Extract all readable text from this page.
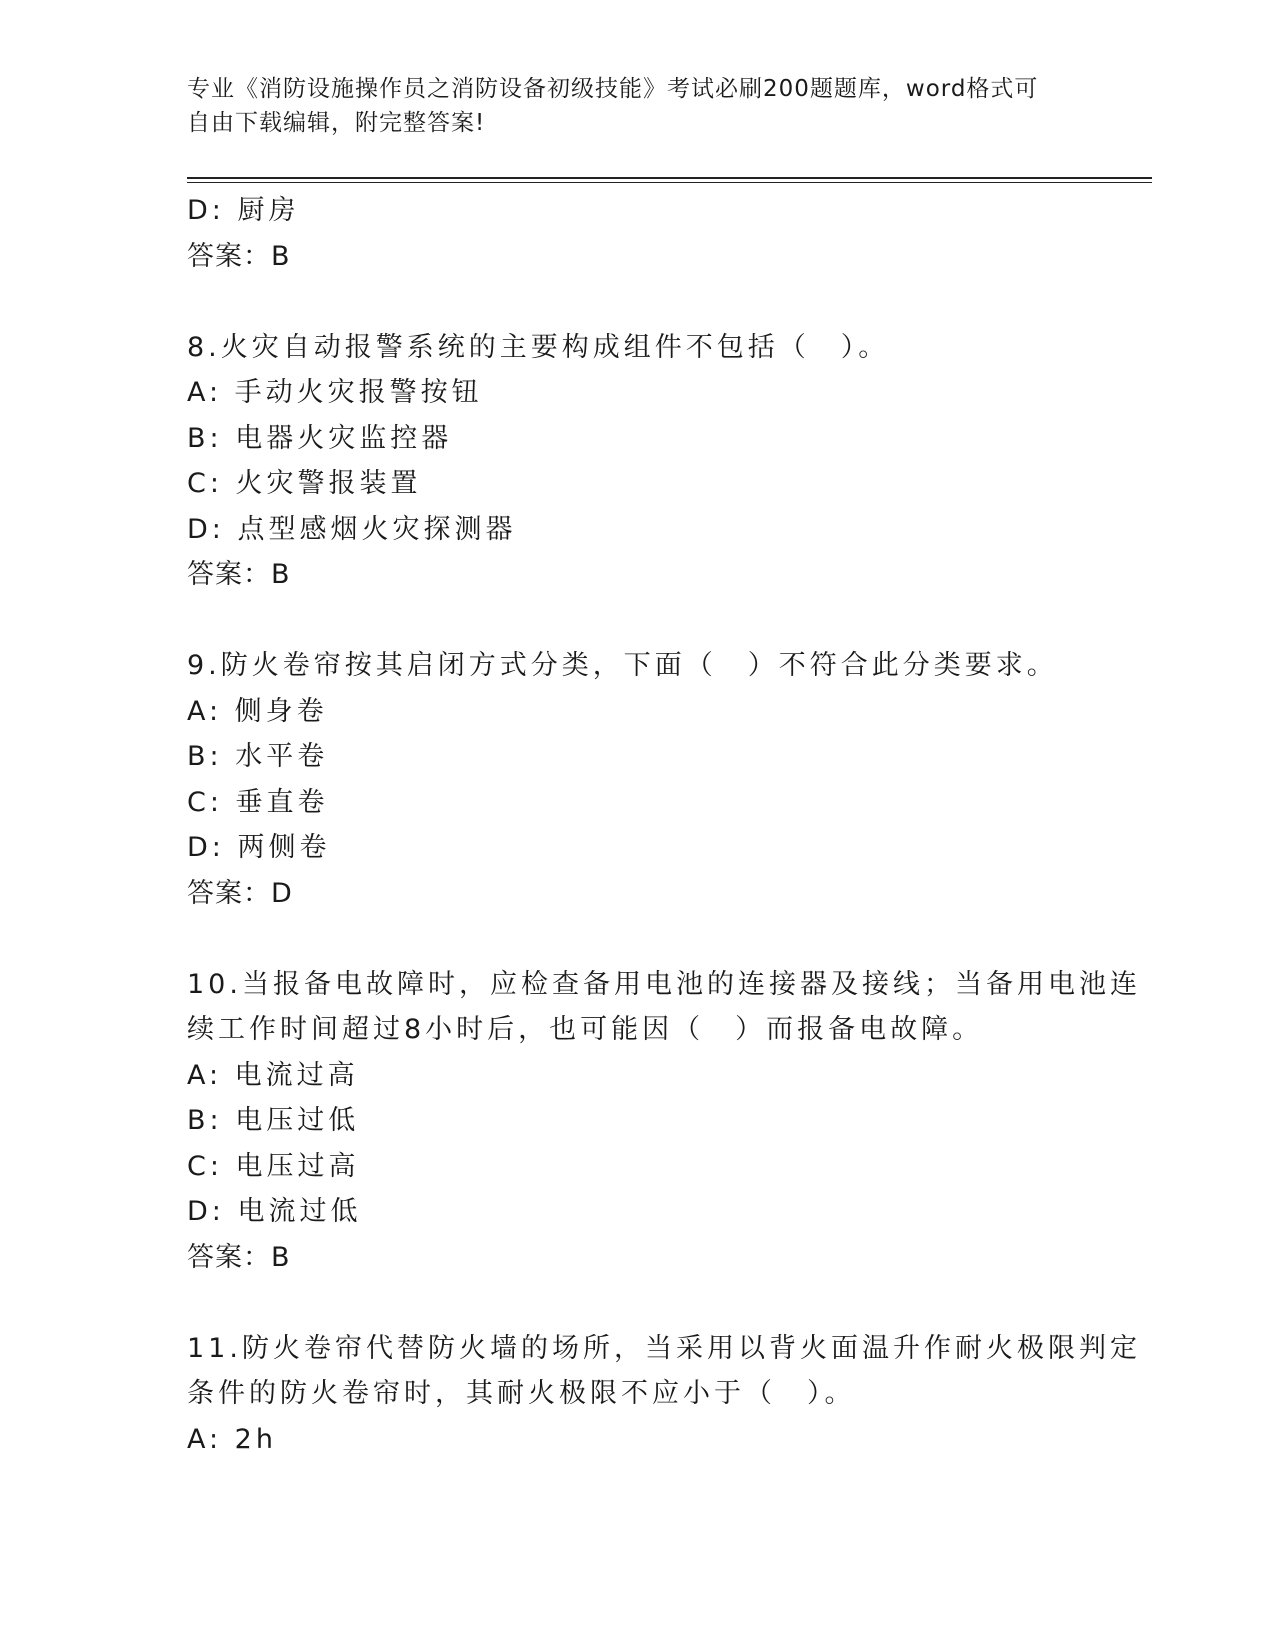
专业《消防设施操作员之消防设备初级技能》考试必刷200题题库，word格式可
自由下载编辑，附完整答案!
D: 厨房
答案：B
8.火灾自动报警系统的主要构成组件不包括（　）。
A: 手动火灾报警按钮
B: 电器火灾监控器
C: 火灾警报装置
D: 点型感烟火灾探测器
答案：B
9.防火卷帘按其启闭方式分类，下面（　）不符合此分类要求。
A: 侧身卷
B: 水平卷
C: 垂直卷
D: 两侧卷
答案：D
10.当报备电故障时，应检查备用电池的连接器及接线；当备用电池连
续工作时间超过8小时后，也可能因（　）而报备电故障。
A: 电流过高
B: 电压过低
C: 电压过高
D: 电流过低
答案：B
11.防火卷帘代替防火墙的场所，当采用以背火面温升作耐火极限判定
条件的防火卷帘时，其耐火极限不应小于（　）。
A: 2h
